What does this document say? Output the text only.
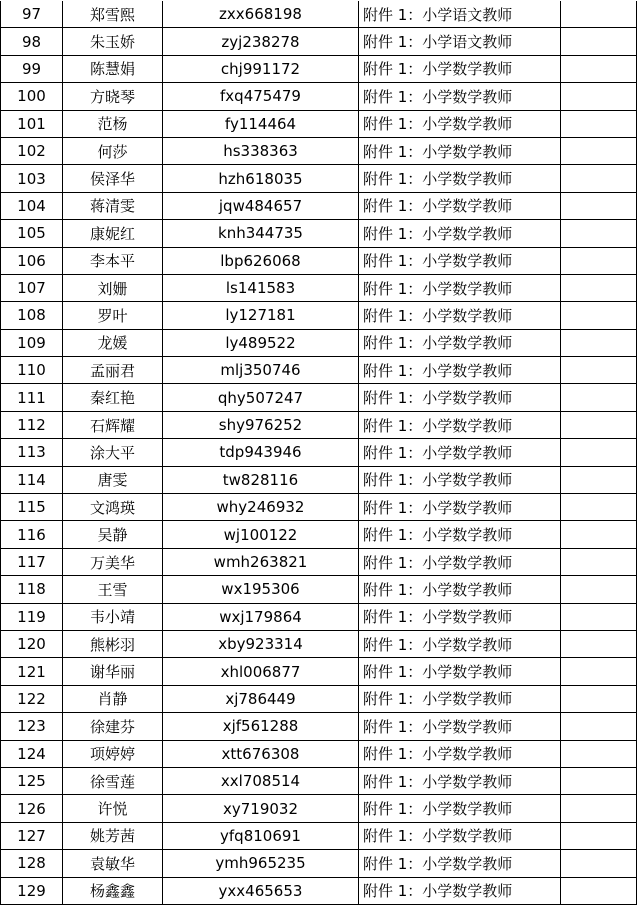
97	郑雪熙	zxx668198	附件 1：小学语文教师	
98	朱玉娇	zyj238278	附件 1：小学语文教师	
99	陈慧娟	chj991172	附件 1：小学数学教师	
100	方晓琴	fxq475479	附件 1：小学数学教师	
101	范杨	fy114464	附件 1：小学数学教师	
102	何莎	hs338363	附件 1：小学数学教师	
103	侯泽华	hzh618035	附件 1：小学数学教师	
104	蒋清雯	jqw484657	附件 1：小学数学教师	
105	康妮红	knh344735	附件 1：小学数学教师	
106	李本平	lbp626068	附件 1：小学数学教师	
107	刘姗	ls141583	附件 1：小学数学教师	
108	罗叶	ly127181	附件 1：小学数学教师	
109	龙媛	ly489522	附件 1：小学数学教师	
110	孟丽君	mlj350746	附件 1：小学数学教师	
111	秦红艳	qhy507247	附件 1：小学数学教师	
112	石辉耀	shy976252	附件 1：小学数学教师	
113	涂大平	tdp943946	附件 1：小学数学教师	
114	唐雯	tw828116	附件 1：小学数学教师	
115	文鸿瑛	why246932	附件 1：小学数学教师	
116	吴静	wj100122	附件 1：小学数学教师	
117	万美华	wmh263821	附件 1：小学数学教师	
118	王雪	wx195306	附件 1：小学数学教师	
119	韦小靖	wxj179864	附件 1：小学数学教师	
120	熊彬羽	xby923314	附件 1：小学数学教师	
121	谢华丽	xhl006877	附件 1：小学数学教师	
122	肖静	xj786449	附件 1：小学数学教师	
123	徐建芬	xjf561288	附件 1：小学数学教师	
124	项婷婷	xtt676308	附件 1：小学数学教师	
125	徐雪莲	xxl708514	附件 1：小学数学教师	
126	许悦	xy719032	附件 1：小学数学教师	
127	姚芳茜	yfq810691	附件 1：小学数学教师	
128	袁敏华	ymh965235	附件 1：小学数学教师	
129	杨鑫鑫	yxx465653	附件 1：小学数学教师	
